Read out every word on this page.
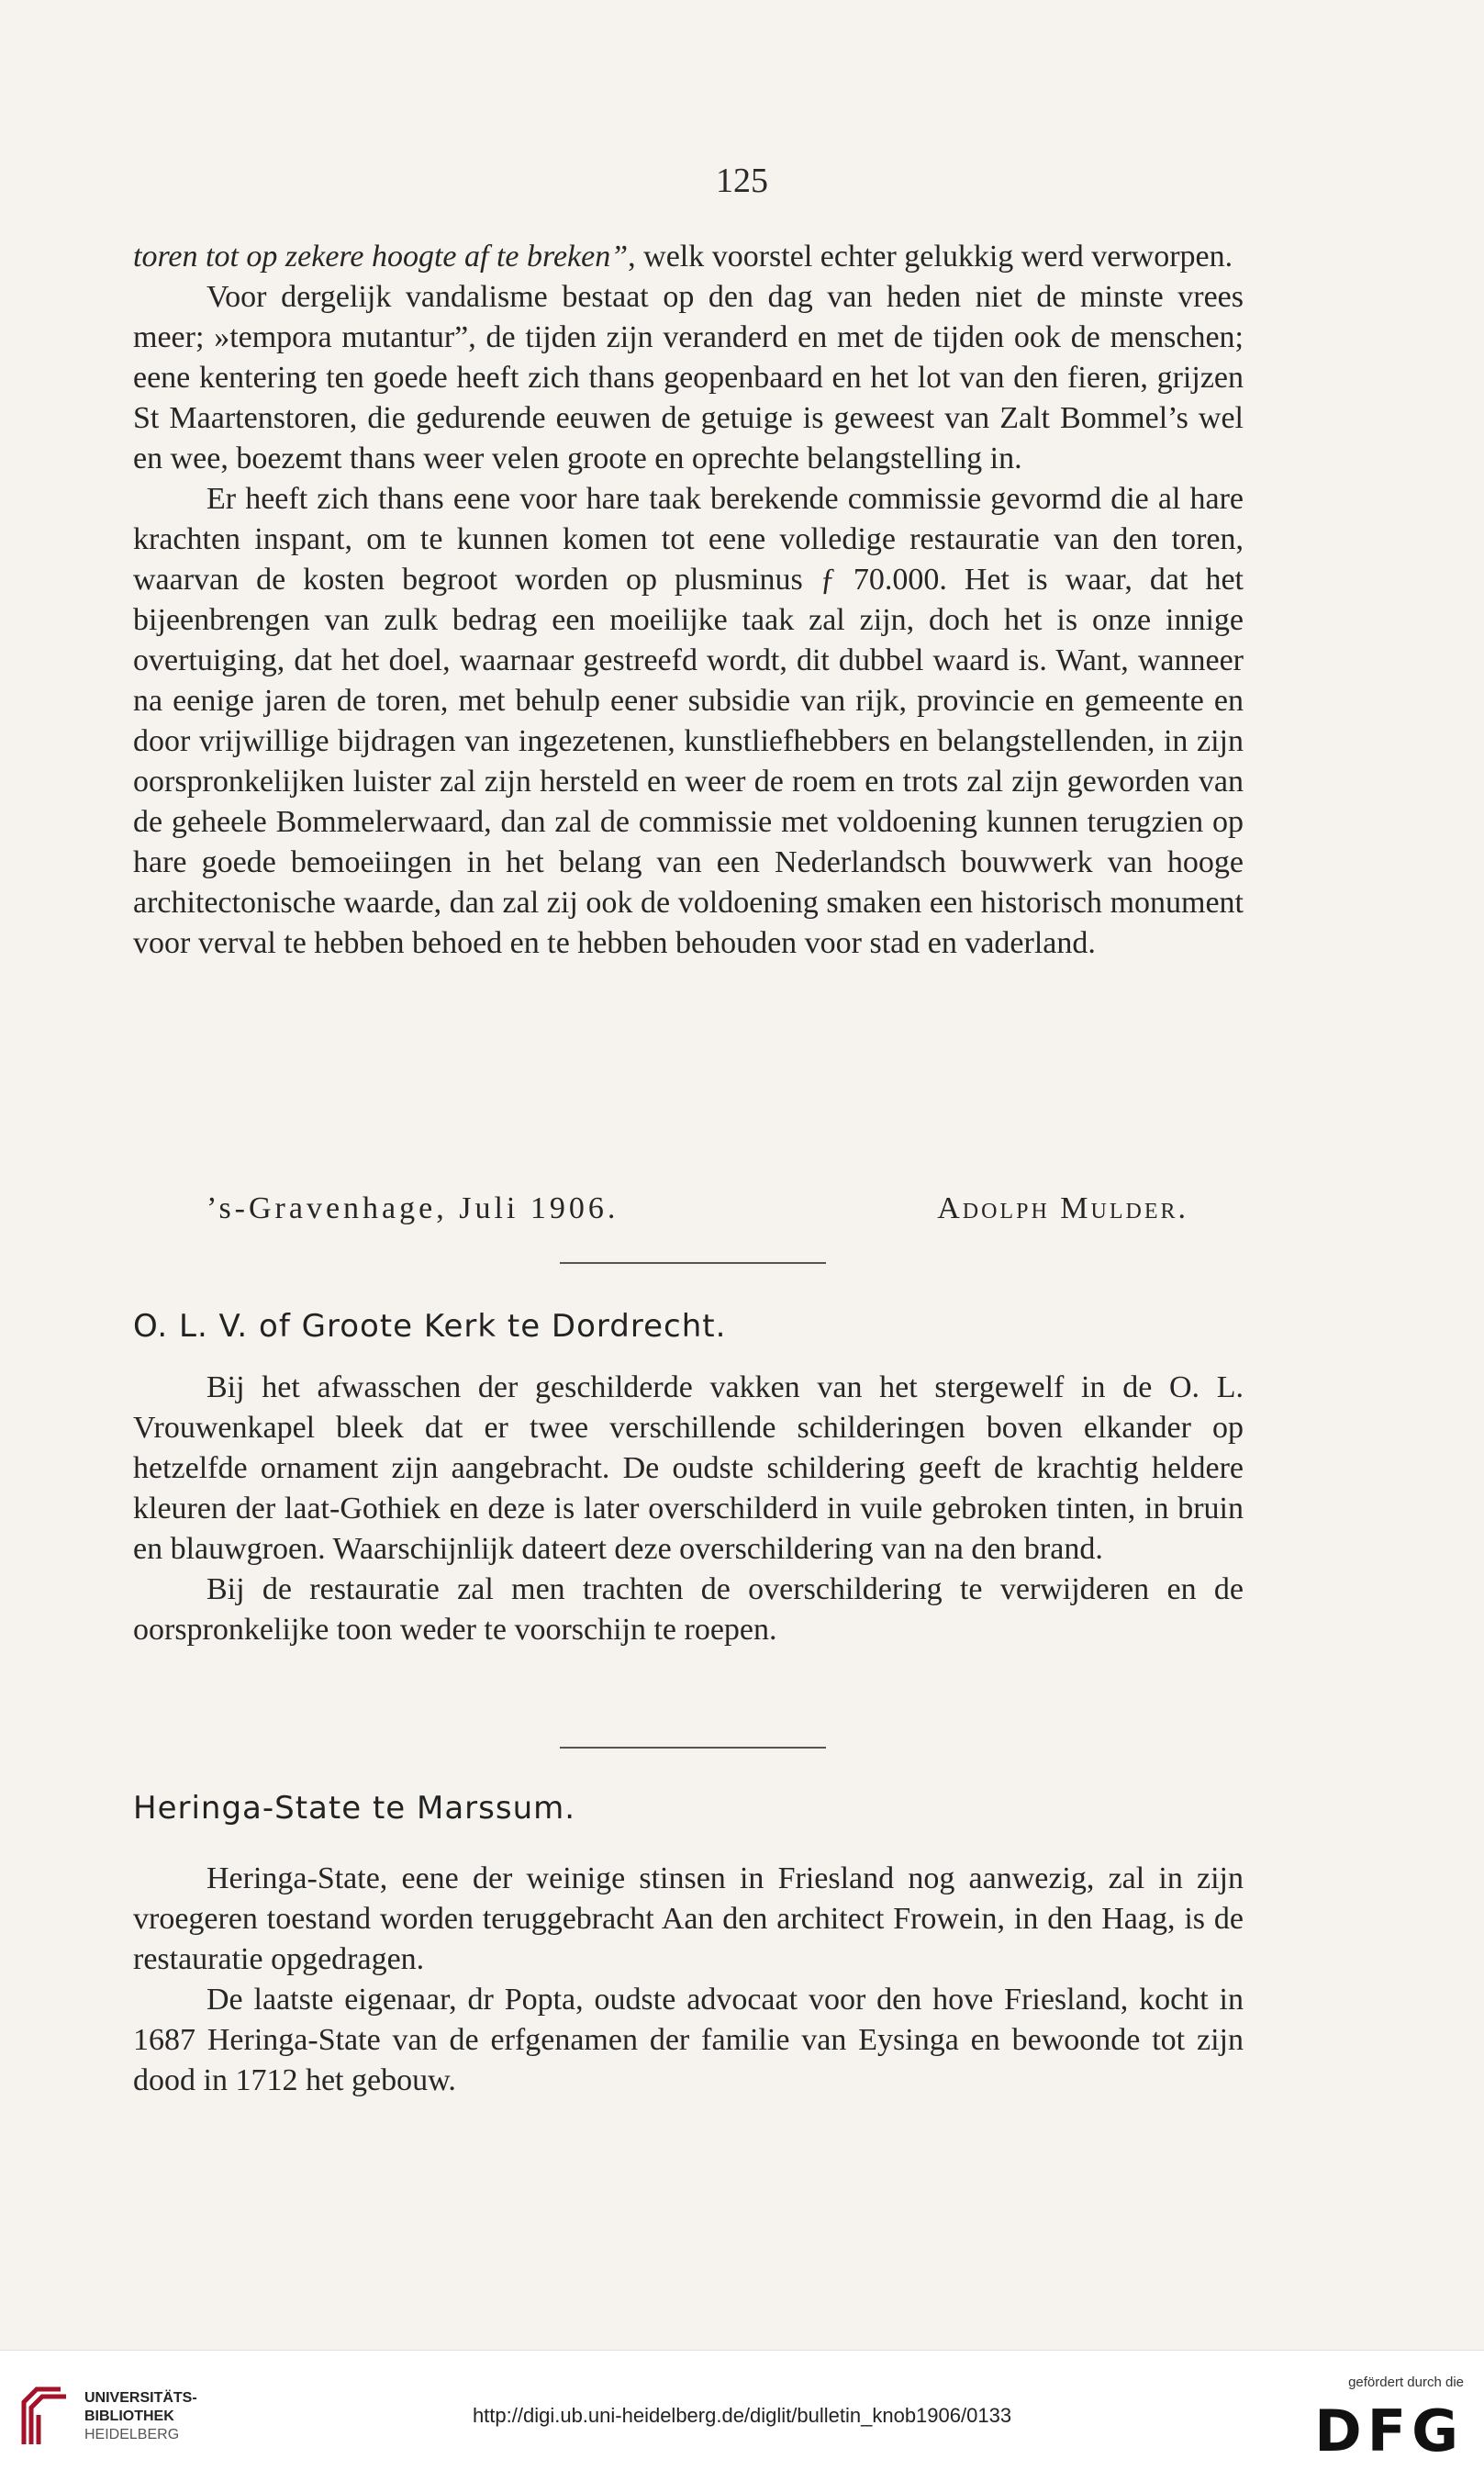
125

toren tot op zekere hoogte af te breken”, welk voorstel echter gelukkig werd verworpen.

Voor dergelijk vandalisme bestaat op den dag van heden niet de minste vrees meer; »tempora mutantur”, de tijden zijn veranderd en met de tijden ook de menschen; eene kentering ten goede heeft zich thans geopenbaard en het lot van den fieren, grijzen St Maartenstoren, die gedurende eeuwen de getuige is geweest van Zalt Bommel’s wel en wee, boezemt thans weer velen groote en oprechte belangstelling in.

Er heeft zich thans eene voor hare taak berekende commissie gevormd die al hare krachten inspant, om te kunnen komen tot eene volledige restauratie van den toren, waarvan de kosten begroot worden op plusminus ƒ 70.000. Het is waar, dat het bijeenbrengen van zulk bedrag een moeilijke taak zal zijn, doch het is onze innige overtuiging, dat het doel, waarnaar gestreefd wordt, dit dubbel waard is. Want, wanneer na eenige jaren de toren, met behulp eener subsidie van rijk, provincie en gemeente en door vrijwillige bijdragen van ingezetenen, kunstliefhebbers en belangstellenden, in zijn oorspronkelijken luister zal zijn hersteld en weer de roem en trots zal zijn geworden van de geheele Bommelerwaard, dan zal de commissie met voldoening kunnen terugzien op hare goede bemoeiingen in het belang van een Nederlandsch bouwwerk van hooge architectonische waarde, dan zal zij ook de voldoening smaken een historisch monument voor verval te hebben behoed en te hebben behouden voor stad en vaderland.

’s-Gravenhage, Juli 1906.	Adolph Mulder.
O. L. V. of Groote Kerk te Dordrecht.

Bij het afwasschen der geschilderde vakken van het stergewelf in de O. L. Vrouwenkapel bleek dat er twee verschillende schilderingen boven elkander op hetzelfde ornament zijn aangebracht. De oudste schildering geeft de krachtig heldere kleuren der laat-Gothiek en deze is later overschilderd in vuile gebroken tinten, in bruin en blauwgroen. Waarschijnlijk dateert deze overschildering van na den brand.

Bij de restauratie zal men trachten de overschildering te verwijderen en de oorspronkelijke toon weder te voorschijn te roepen.

Heringa-State te Marssum.

Heringa-State, eene der weinige stinsen in Friesland nog aanwezig, zal in zijn vroegeren toestand worden teruggebracht Aan den architect Frowein, in den Haag, is de restauratie opgedragen.

De laatste eigenaar, dr Popta, oudste advocaat voor den hove Friesland, kocht in 1687 Heringa-State van de erfgenamen der familie van Eysinga en bewoonde tot zijn dood in 1712 het gebouw.

UNIVERSITÄTS-
BIBLIOTHEK
HEIDELBERG
http://digi.ub.uni-heidelberg.de/diglit/bulletin_knob1906/0133
gefördert durch die
DFG
